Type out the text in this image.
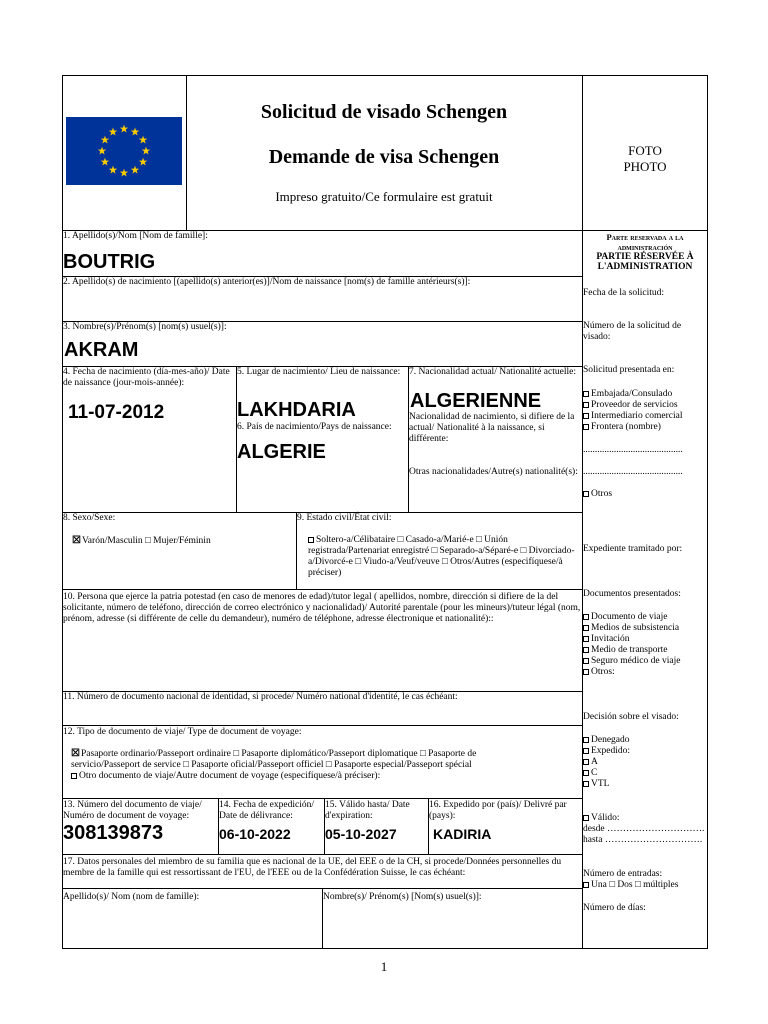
Solicitud de visado Schengen
Demande de visa Schengen
Impreso gratuito/Ce formulaire est gratuit
FOTO
PHOTO
1. Apellido(s)/Nom [Nom de famille]:
BOUTRIG
2. Apellido(s) de nacimiento [(apellido(s) anterior(es)]/Nom de naissance [nom(s) de famille antérieurs(s)]:
3. Nombre(s)/Prénom(s) [nom(s) usuel(s)]:
AKRAM
4. Fecha de nacimiento (día-mes-año)/ Date de naissance (jour-mois-année):
11-07-2012
5. Lugar de nacimiento/ Lieu de naissance:
LAKHDARIA
6. País de nacimiento/Pays de naissance:
ALGERIE
7. Nacionalidad actual/ Nationalité actuelle:
ALGERIENNE
Nacionalidad de nacimiento, si difiere de la actual/ Nationalité à la naissance, si différente:
Otras nacionalidades/Autre(s) nationalité(s):
8. Sexo/Sexe:
☒Varón/Masculin □ Mujer/Féminin
9. Estado civil/État civil:
Soltero-a/Célibataire □ Casado-a/Marié-e □ Unión registrada/Partenariat enregistré □ Separado-a/Séparé-e □ Divorciado-a/Divorcé-e □ Viudo-a/Veuf/veuve □ Otros/Autres (especifíquese/à préciser)
10. Persona que ejerce la patria potestad (en caso de menores de edad)/tutor legal ( apellidos, nombre, dirección si difiere de la del solicitante, número de teléfono, dirección de correo electrónico y nacionalidad)/ Autorité parentale (pour les mineurs)/tuteur légal (nom, prénom, adresse (si différente de celle du demandeur), numéro de téléphone, adresse électronique et nationalité)::
11. Número de documento nacional de identidad, si procede/ Numéro national d'identité, le cas échéant:
12. Tipo de documento de viaje/ Type de document de voyage:
☒Pasaporte ordinario/Passeport ordinaire □ Pasaporte diplomático/Passeport diplomatique □ Pasaporte de servicio/Passeport de service □ Pasaporte oficial/Passeport officiel □ Pasaporte especial/Passeport spécial
Otro documento de viaje/Autre document de voyage (especifíquese/à préciser):
13. Número del documento de viaje/ Numéro de document de voyage:
308139873
14. Fecha de expedición/ Date de délivrance:
06-10-2022
15. Válido hasta/ Date d'expiration:
05-10-2027
16. Expedido por (país)/ Delivré par (pays):
KADIRIA
17. Datos personales del miembro de su familia que es nacional de la UE, del EEE o de la CH, si procede/Données personnelles du membre de la famille qui est ressortissant de l'EU, de l'EEE ou de la Confédération Suisse, le cas échéant:
Apellido(s)/ Nom (nom de famille):	Nombre(s)/ Prénom(s) [Nom(s) usuel(s)]:
Parte reservada a la administración
PARTIE RÉSERVÉE À L'ADMINISTRATION
Fecha de la solicitud:
Número de la solicitud de visado:
Solicitud presentada en:
Embajada/Consulado
Proveedor de servicios
Intermediario comercial
Frontera (nombre)
..........................................
..........................................
Otros
Expediente tramitado por:
Documentos presentados:
Documento de viaje
Medios de subsistencia
Invitación
Medio de transporte
Seguro médico de viaje
Otros:
Decisión sobre el visado:
Denegado
Expedido:
A
C
VTL
Válido:
desde ………………………….
hasta ………………………….
Número de entradas:
Una □ Dos □ múltiples
Número de días:
1
